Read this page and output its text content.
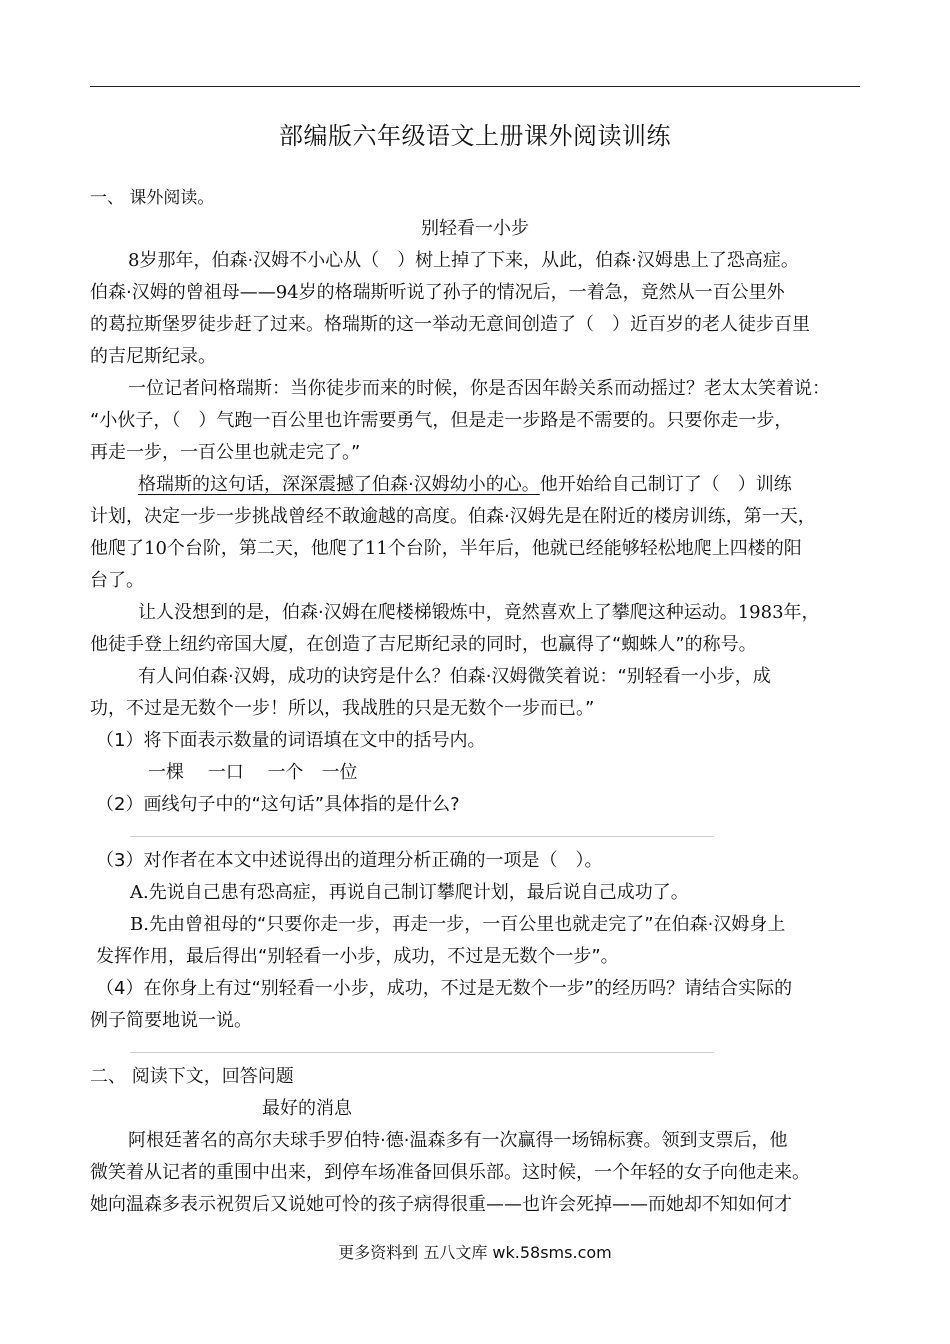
部编版六年级语文上册课外阅读训练
一、 课外阅读。
别轻看一小步
8岁那年，伯森·汉姆不小心从（　）树上掉了下来，从此，伯森·汉姆患上了恐高症。
伯森·汉姆的曾祖母——94岁的格瑞斯听说了孙子的情况后，一着急，竟然从一百公里外
的葛拉斯堡罗徒步赶了过来。格瑞斯的这一举动无意间创造了（　）近百岁的老人徒步百里
的吉尼斯纪录。
一位记者问格瑞斯：当你徒步而来的时候，你是否因年龄关系而动摇过？老太太笑着说：
“小伙子，（　）气跑一百公里也许需要勇气，但是走一步路是不需要的。只要你走一步，
再走一步，一百公里也就走完了。”
格瑞斯的这句话，深深震撼了伯森·汉姆幼小的心。他开始给自己制订了（　）训练
计划，决定一步一步挑战曾经不敢逾越的高度。伯森·汉姆先是在附近的楼房训练，第一天，
他爬了10个台阶，第二天，他爬了11个台阶，半年后，他就已经能够轻松地爬上四楼的阳
台了。
让人没想到的是，伯森·汉姆在爬楼梯锻炼中，竟然喜欢上了攀爬这种运动。1983年，
他徒手登上纽约帝国大厦，在创造了吉尼斯纪录的同时，也赢得了“蜘蛛人”的称号。
有人问伯森·汉姆，成功的诀窍是什么？伯森·汉姆微笑着说：“别轻看一小步，成
功，不过是无数个一步！所以，我战胜的只是无数个一步而已。”
（1）将下面表示数量的词语填在文中的括号内。
一棵　 一口　 一个　一位
（2）画线句子中的“这句话”具体指的是什么?
（3）对作者在本文中述说得出的道理分析正确的一项是（　）。
A.先说自己患有恐高症，再说自己制订攀爬计划，最后说自己成功了。
B.先由曾祖母的“只要你走一步，再走一步，一百公里也就走完了”在伯森·汉姆身上
发挥作用，最后得出“别轻看一小步，成功，不过是无数个一步”。
（4）在你身上有过“别轻看一小步，成功，不过是无数个一步”的经历吗？请结合实际的
例子简要地说一说。
二、 阅读下文，回答问题
最好的消息
阿根廷著名的高尔夫球手罗伯特·德·温森多有一次赢得一场锦标赛。领到支票后，他
微笑着从记者的重围中出来，到停车场准备回俱乐部。这时候，一个年轻的女子向他走来。
她向温森多表示祝贺后又说她可怜的孩子病得很重——也许会死掉——而她却不知如何才
更多资料到 五八文库 wk.58sms.com
